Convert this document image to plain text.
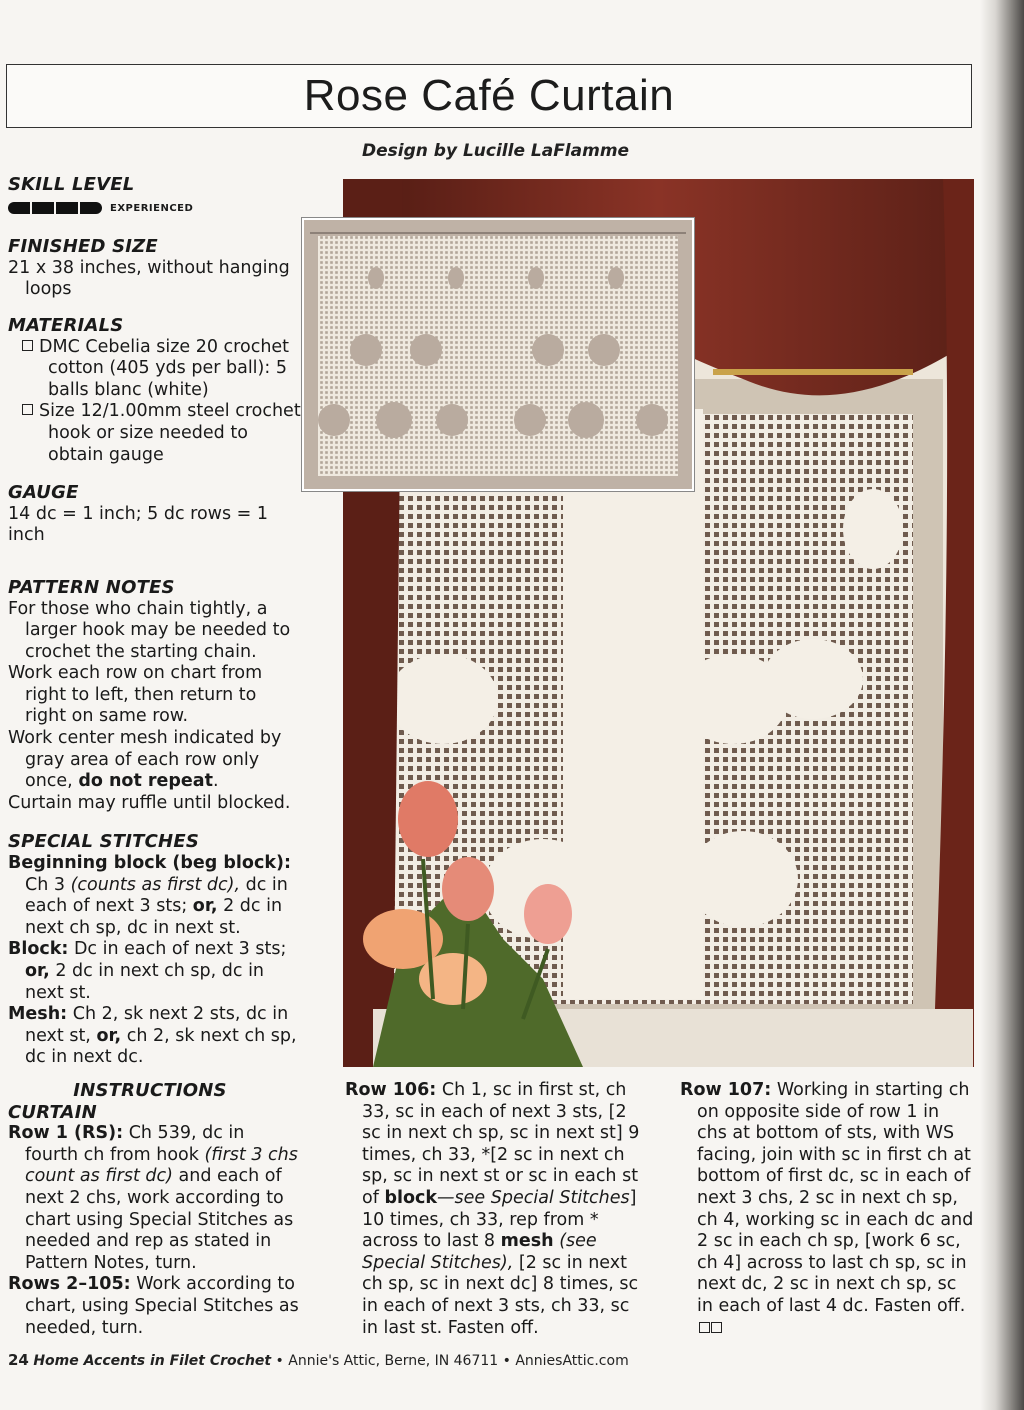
Rose Café Curtain
Design by Lucille LaFlamme

SKILL LEVEL

EXPERIENCED

FINISHED SIZE

21 x 38 inches, without hanging loops

MATERIALS

DMC Cebelia size 20 crochet cotton (405 yds per ball): 5 balls blanc (white)

Size 12/1.00mm steel crochet hook or size needed to obtain gauge

GAUGE

14 dc = 1 inch; 5 dc rows = 1 inch

PATTERN NOTES

For those who chain tightly, a larger hook may be needed to crochet the starting chain.

Work each row on chart from right to left, then return to right on same row.

Work center mesh indicated by gray area of each row only once, do not repeat.

Curtain may ruffle until blocked.

SPECIAL STITCHES

Beginning block (beg block): Ch 3 (counts as first dc), dc in each of next 3 sts; or, 2 dc in next ch sp, dc in next st.

Block: Dc in each of next 3 sts; or, 2 dc in next ch sp, dc in next st.

Mesh: Ch 2, sk next 2 sts, dc in next st, or, ch 2, sk next ch sp, dc in next dc.

INSTRUCTIONS

CURTAIN

Row 1 (RS): Ch 539, dc in fourth ch from hook (first 3 chs count as first dc) and each of next 2 chs, work according to chart using Special Stitches as needed and rep as stated in Pattern Notes, turn.

Rows 2–105: Work according to chart, using Special Stitches as needed, turn.

Row 106: Ch 1, sc in first st, ch 33, sc in each of next 3 sts, [2 sc in next ch sp, sc in next st] 9 times, ch 33, *[2 sc in next ch sp, sc in next st or sc in each st of block—see Special Stitches] 10 times, ch 33, rep from * across to last 8 mesh (see Special Stitches), [2 sc in next ch sp, sc in next dc] 8 times, sc in each of next 3 sts, ch 33, sc in last st. Fasten off.

Row 107: Working in starting ch on opposite side of row 1 in chs at bottom of sts, with WS facing, join with sc in first ch at bottom of first dc, sc in each of next 3 chs, 2 sc in next ch sp, ch 4, working sc in each dc and 2 sc in each ch sp, [work 6 sc, ch 4] across to last ch sp, sc in next dc, 2 sc in next ch sp, sc in each of last 4 dc. Fasten off.

24 Home Accents in Filet Crochet • Annie's Attic, Berne, IN 46711 • AnniesAttic.com
